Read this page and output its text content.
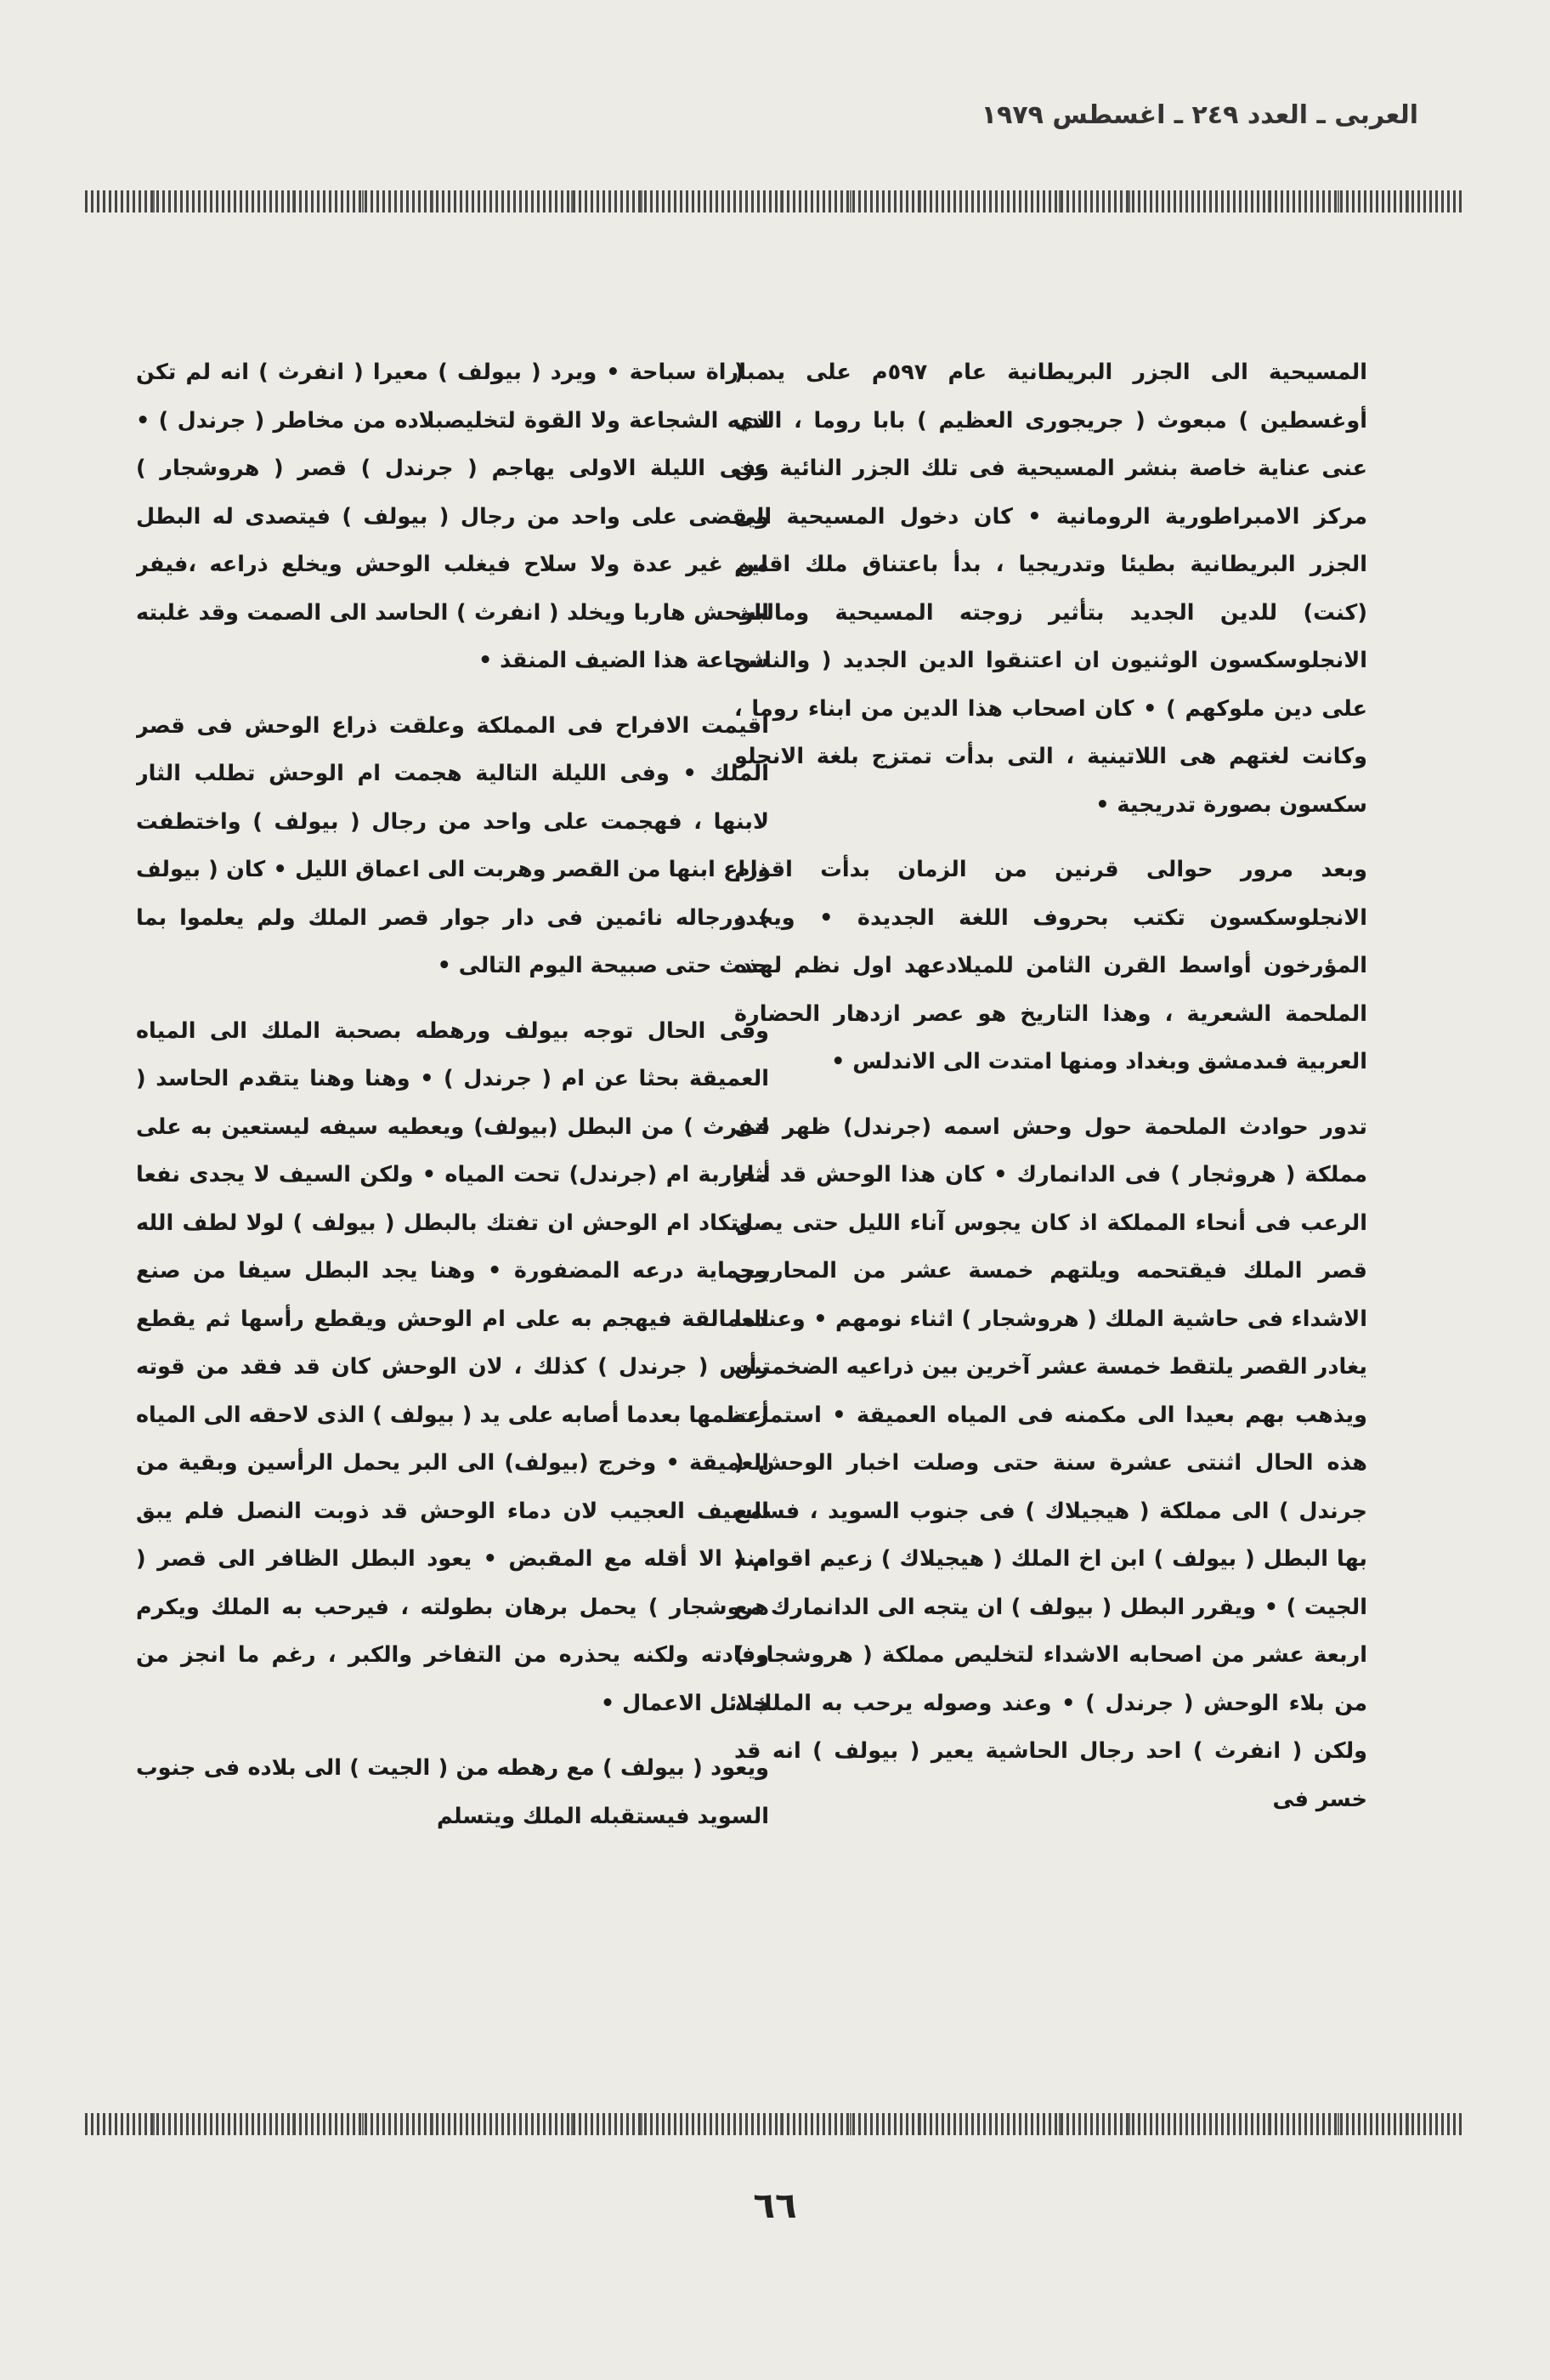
العربى ـ العدد ٢٤٩ ـ اغسطس ١٩٧٩

المسيحية الى الجزر البريطانية عام ٥٩٧م على يد ( أوغسطين ) مبعوث ( جريجورى العظيم ) بابا روما ، الذى عنى عناية خاصة بنشر المسيحية فى تلك الجزر النائية عن مركز الامبراطورية الرومانية • كان دخول المسيحية الى الجزر البريطانية بطيئا وتدريجيا ، بدأ باعتناق ملك اقليم (كنت) للدين الجديد بتأثير زوجته المسيحية ومالبث الانجلوسكسون الوثنيون ان اعتنقوا الدين الجديد ( والناس على دين ملوكهم ) • كان اصحاب هذا الدين من ابناء روما ، وكانت لغتهم هى اللاتينية ، التى بدأت تمتزج بلغة الانجلو سكسون بصورة تدريجية •

وبعد مرور حوالى قرنين من الزمان بدأت اقوام الانجلوسكسون تكتب بحروف اللغة الجديدة • ويحدد المؤرخون أواسط القرن الثامن للميلادعهد اول نظم لهذه الملحمة الشعرية ، وهذا التاريخ هو عصر ازدهار الحضارة العربية فىدمشق وبغداد ومنها امتدت الى الاندلس •

تدور حوادث الملحمة حول وحش اسمه (جرندل) ظهر فى مملكة ( هروثجار ) فى الدانمارك • كان هذا الوحش قد أثار الرعب فى أنحاء المملكة اذ كان يجوس آناء الليل حتى يصل قصر الملك فيقتحمه ويلتهم خمسة عشر من المحاربين الاشداء فى حاشية الملك ( هروشجار ) اثناء نومهم • وعندما يغادر القصر يلتقط خمسة عشر آخرين بين ذراعيه الضخمتين ويذهب بهم بعيدا الى مكمنه فى المياه العميقة • استمرت هذه الحال اثنتى عشرة سنة حتى وصلت اخبار الوحش ( جرندل ) الى مملكة ( هيجيلاك ) فى جنوب السويد ، فسمع بها البطل ( بيولف ) ابن اخ الملك ( هيجيلاك ) زعيم اقوام ( الجيت ) • ويقرر البطل ( بيولف ) ان يتجه الى الدانمارك مع اربعة عشر من اصحابه الاشداء لتخليص مملكة ( هروشجار ) من بلاء الوحش ( جرندل ) • وعند وصوله يرحب به الملك ، ولكن ( انفرث ) احد رجال الحاشية يعير ( بيولف ) انه قد خسر فى

مباراة سباحة • ويرد ( بيولف ) معيرا ( انفرث ) انه لم تكن لديه الشجاعة ولا القوة لتخليصبلاده من مخاطر ( جرندل ) • وفى الليلة الاولى يهاجم ( جرندل ) قصر ( هروشجار ) ويقضى على واحد من رجال ( بيولف ) فيتصدى له البطل من غير عدة ولا سلاح فيغلب الوحش ويخلع ذراعه ،فيفر الوحش هاربا ويخلد ( انفرث ) الحاسد الى الصمت وقد غلبته شجاعة هذا الضيف المنقذ •

اقيمت الافراح فى المملكة وعلقت ذراع الوحش فى قصر الملك • وفى الليلة التالية هجمت ام الوحش تطلب الثار لابنها ، فهجمت على واحد من رجال ( بيولف ) واختطفت ذراع ابنها من القصر وهربت الى اعماق الليل • كان ( بيولف ) ورجاله نائمين فى دار جوار قصر الملك ولم يعلموا بما حدث حتى صبيحة اليوم التالى •

وفى الحال توجه بيولف ورهطه بصحبة الملك الى المياه العميقة بحثا عن ام ( جرندل ) • وهنا وهنا يتقدم الحاسد ( انفرث ) من البطل (بيولف) ويعطيه سيفه ليستعين به على محاربة ام (جرندل) تحت المياه • ولكن السيف لا يجدى نفعا ، وتكاد ام الوحش ان تفتك بالبطل ( بيولف ) لولا لطف الله وحماية درعه المضفورة • وهنا يجد البطل سيفا من صنع العمالقة فيهجم به على ام الوحش ويقطع رأسها ثم يقطع رأس ( جرندل ) كذلك ، لان الوحش كان قد فقد من قوته أعظمها بعدما أصابه على يد ( بيولف ) الذى لاحقه الى المياه العميقة • وخرج (بيولف) الى البر يحمل الرأسين وبقية من السيف العجيب لان دماء الوحش قد ذوبت النصل فلم يبق منه الا أقله مع المقبض • يعود البطل الظافر الى قصر ( هروشجار ) يحمل برهان بطولته ، فيرحب به الملك ويكرم وفادته ولكنه يحذره من التفاخر والكبر ، رغم ما انجز من جلائل الاعمال •

ويعود ( بيولف ) مع رهطه من ( الجيت ) الى بلاده فى جنوب السويد فيستقبله الملك ويتسلم

٦٦
